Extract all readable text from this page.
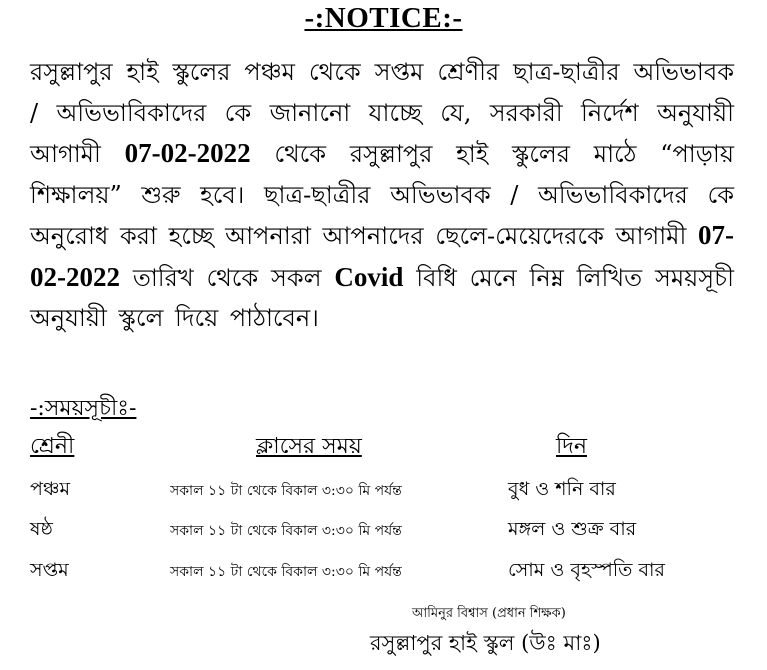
-:NOTICE:-
রসুল্লাপুর হাই স্কুলের পঞ্চম থেকে সপ্তম শ্রেণীর ছাত্র-ছাত্রীর অভিভাবক / অভিভাবিকাদের কে জানানো যাচ্ছে যে, সরকারী নির্দেশ অনুযায়ী আগামী 07-02-2022 থেকে রসুল্লাপুর হাই স্কুলের মাঠে “পাড়ায় শিক্ষালয়” শুরু হবে। ছাত্র-ছাত্রীর অভিভাবক / অভিভাবিকাদের কে অনুরোধ করা হচ্ছে আপনারা আপনাদের ছেলে-মেয়েদেরকে আগামী 07-02-2022 তারিখ থেকে সকল Covid বিধি মেনে নিম্ন লিখিত সময়সূচী অনুযায়ী স্কুলে দিয়ে পাঠাবেন।
-:সময়সূচীঃ-
শ্রেনী	ক্লাসের সময়	দিন
পঞ্চম	সকাল ১১ টা থেকে বিকাল ৩:৩০ মি পর্যন্ত	বুধ ও শনি বার
ষষ্ঠ	সকাল ১১ টা থেকে বিকাল ৩:৩০ মি পর্যন্ত	মঙ্গল ও শুক্র বার
সপ্তম	সকাল ১১ টা থেকে বিকাল ৩:৩০ মি পর্যন্ত	সোম ও বৃহস্পতি বার
আমিনুর বিশ্বাস (প্রধান শিক্ষক)
রসুল্লাপুর হাই স্কুল (উঃ মাঃ)
